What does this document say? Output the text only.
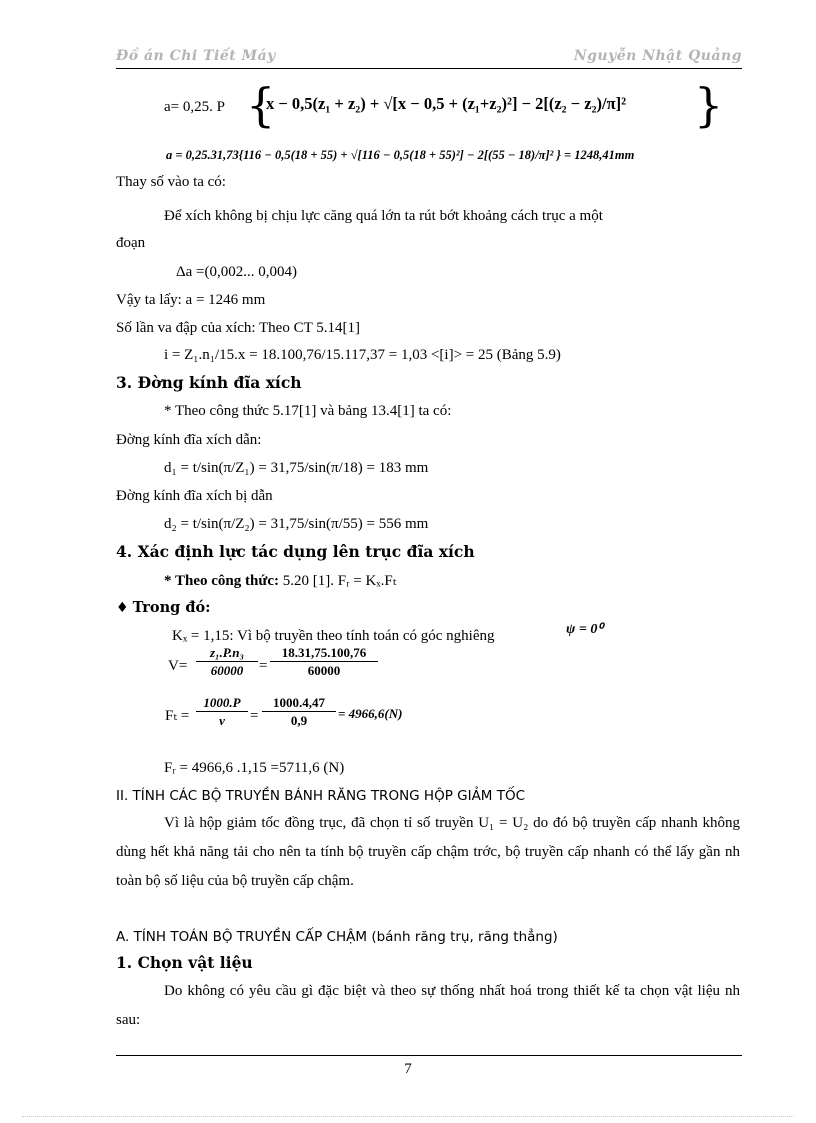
Đồ án Chi Tiết Máy	Nguyễn Nhật Quảng
a= 0,25. P {
x − 0,5(z₁ + z₂) + √[x − 0,5 + (z₁+z₂)²] − 2[(z₂ − z₂)/π]² }
a = 0,25.31,73{116 − 0,5(18 + 55) + √[116 − 0,5(18 + 55)²] − 2[(55 − 18)/π]² } = 1248,41mm
Thay số vào ta có:
Để xích không bị chịu lực căng quá lớn ta rút bớt khoảng cách trục a một
đoạn
Δa =(0,002... 0,004)
Vậy ta lấy: a = 1246 mm
Số lần va đập của xích: Theo CT 5.14[1]
i = Z₁.n₁/15.x = 18.100,76/15.117,37 = 1,03 <[i]> = 25 (Bảng 5.9)
3. Đờng kính đĩa xích
* Theo công thức 5.17[1] và bảng 13.4[1] ta có:
Đờng kính đĩa xích dẫn:
d₁ = t/sin(π/Z₁) = 31,75/sin(π/18) = 183 mm
Đờng kính đĩa xích bị dẫn
d₂ = t/sin(π/Z₂) = 31,75/sin(π/55) = 556 mm
4. Xác định lực tác dụng lên trục đĩa xích
* Theo công thức: 5.20 [1]. Fᵣ = Kₓ.Fₜ
♦ Trong đó:
Kₓ = 1,15: Vì bộ truyền theo tính toán có góc nghiêng	ψ = 0⁰
V=
z₁.P.n₃
60000	=
18.31,75.100,76
60000
Fₜ =
1000.P
v	=
1000.4,47
0,9	= 4966,6(N)
Fᵣ = 4966,6 .1,15 =5711,6 (N)
II. TÍNH CÁC BỘ TRUYỀN BÁNH RĂNG TRONG HỘP GIẢM TỐC
Vì là hộp giảm tốc đồng trục, đã chọn tỉ số truyền U₁ = U₂ do đó bộ truyền cấp nhanh không dùng hết khả năng tải cho nên ta tính bộ truyền cấp chậm trớc, bộ truyền cấp nhanh có thể lấy gần nh toàn bộ số liệu của bộ truyền cấp chậm.
A. TÍNH TOÁN BỘ TRUYỀN CẤP CHẬM (bánh răng trụ, răng thẳng)
1. Chọn vật liệu
Do không có yêu cầu gì đặc biệt và theo sự thống nhất hoá trong thiết kế ta chọn vật liệu nh sau:
7
